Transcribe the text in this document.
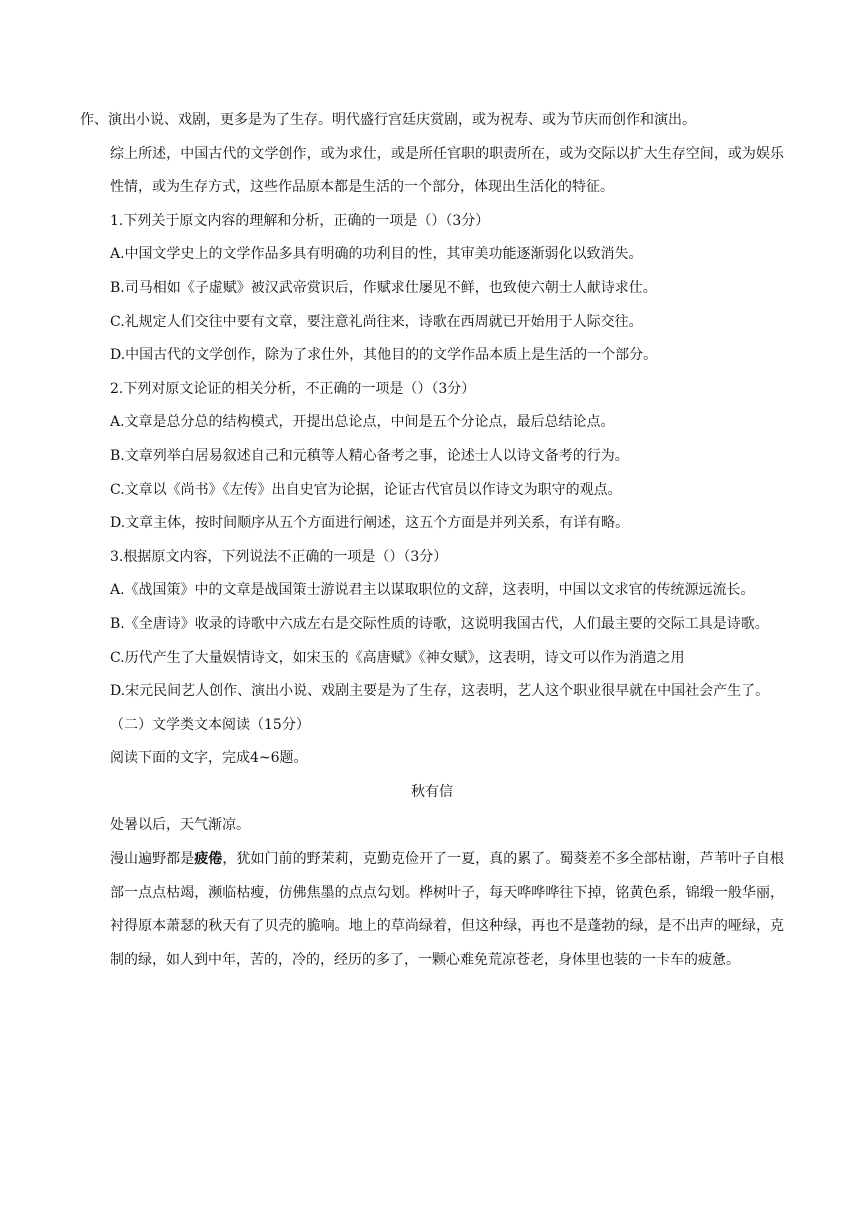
作、演出小说、戏剧，更多是为了生存。明代盛行宫廷庆赏剧，或为祝寿、或为节庆而创作和演出。
综上所述，中国古代的文学创作，或为求仕，或是所任官职的职责所在，或为交际以扩大生存空间，或为娱乐性情，或为生存方式，这些作品原本都是生活的一个部分，体现出生活化的特征。
1.下列关于原文内容的理解和分析，正确的一项是（）（3分）
A.中国文学史上的文学作品多具有明确的功利目的性，其审美功能逐渐弱化以致消失。
B.司马相如《子虚赋》被汉武帝赏识后，作赋求仕屡见不鲜，也致使六朝士人献诗求仕。
C.礼规定人们交往中要有文章，要注意礼尚往来，诗歌在西周就已开始用于人际交往。
D.中国古代的文学创作，除为了求仕外，其他目的的文学作品本质上是生活的一个部分。
2.下列对原文论证的相关分析，不正确的一项是（）（3分）
A.文章是总分总的结构模式，开提出总论点，中间是五个分论点，最后总结论点。
B.文章列举白居易叙述自己和元稹等人精心备考之事，论述士人以诗文备考的行为。
C.文章以《尚书》《左传》出自史官为论据，论证古代官员以作诗文为职守的观点。
D.文章主体，按时间顺序从五个方面进行阐述，这五个方面是并列关系，有详有略。
3.根据原文内容，下列说法不正确的一项是（）（3分）
A.《战国策》中的文章是战国策士游说君主以谋取职位的文辞，这表明，中国以文求官的传统源远流长。
B.《全唐诗》收录的诗歌中六成左右是交际性质的诗歌，这说明我国古代，人们最主要的交际工具是诗歌。
C.历代产生了大量娱情诗文，如宋玉的《高唐赋》《神女赋》，这表明，诗文可以作为消遣之用
D.宋元民间艺人创作、演出小说、戏剧主要是为了生存，这表明，艺人这个职业很早就在中国社会产生了。
（二）文学类文本阅读（15分）
阅读下面的文字，完成4~6题。
秋有信
处暑以后，天气渐凉。
漫山遍野都是疲倦，犹如门前的野茉莉，克勤克俭开了一夏，真的累了。蜀葵差不多全部枯谢，芦苇叶子自根部一点点枯竭，濒临枯瘦，仿佛焦墨的点点勾划。桦树叶子，每天哗哗哗往下掉，铭黄色系，锦缎一般华丽，衬得原本萧瑟的秋天有了贝壳的脆响。地上的草尚绿着，但这种绿，再也不是蓬勃的绿，是不出声的哑绿，克制的绿，如人到中年，苦的，冷的，经历的多了，一颗心难免荒凉苍老，身体里也装的一卡车的疲惫。
